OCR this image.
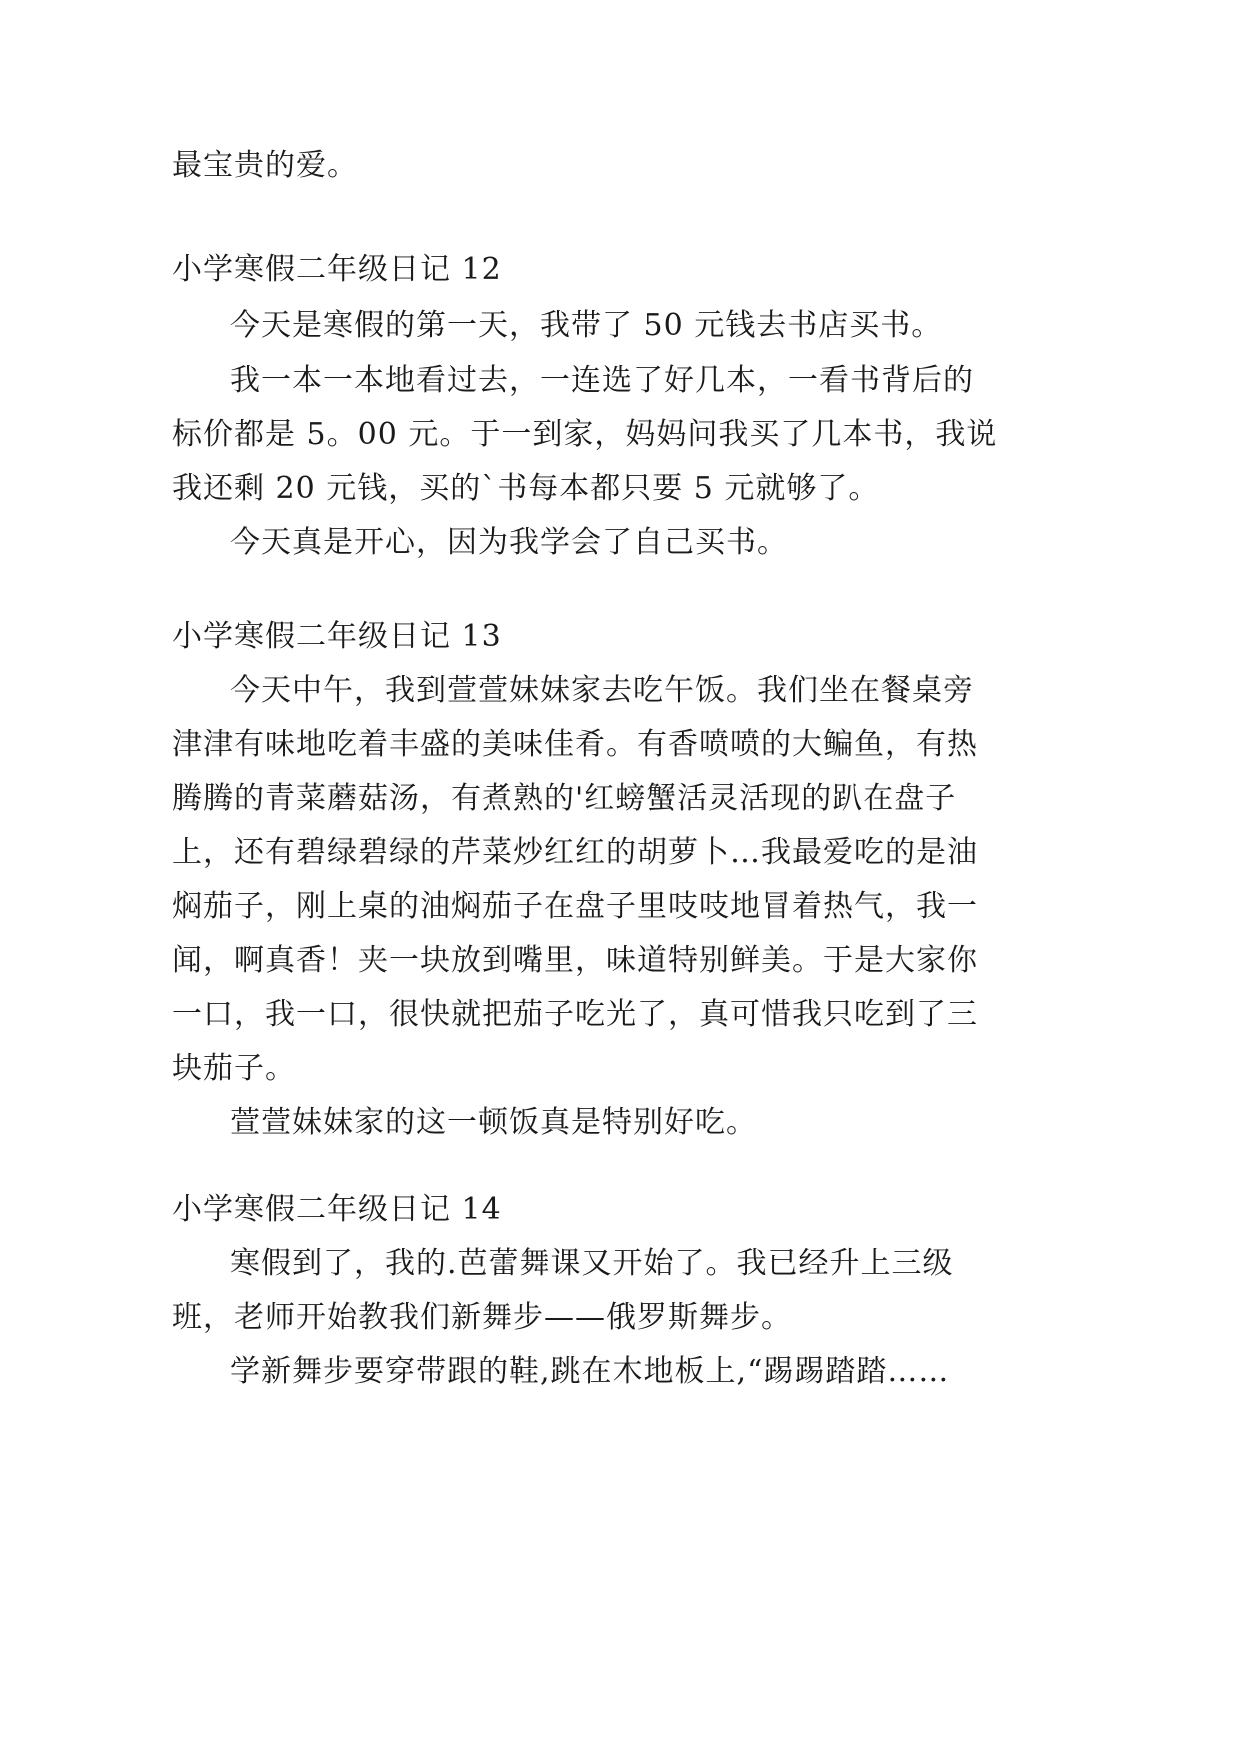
最宝贵的爱。
小学寒假二年级日记 12
今天是寒假的第一天，我带了 50 元钱去书店买书。
我一本一本地看过去，一连选了好几本，一看书背后的
标价都是 5。00 元。于一到家，妈妈问我买了几本书，我说
我还剩 20 元钱，买的`书每本都只要 5 元就够了。
今天真是开心，因为我学会了自己买书。
小学寒假二年级日记 13
今天中午，我到萱萱妹妹家去吃午饭。我们坐在餐桌旁
津津有味地吃着丰盛的美味佳肴。有香喷喷的大鳊鱼，有热
腾腾的青菜蘑菇汤，有煮熟的'红螃蟹活灵活现的趴在盘子
上，还有碧绿碧绿的芹菜炒红红的胡萝卜…我最爱吃的是油
焖茄子，刚上桌的油焖茄子在盘子里吱吱地冒着热气，我一
闻，啊真香！夹一块放到嘴里，味道特别鲜美。于是大家你
一口，我一口，很快就把茄子吃光了，真可惜我只吃到了三
块茄子。
萱萱妹妹家的这一顿饭真是特别好吃。
小学寒假二年级日记 14
寒假到了，我的.芭蕾舞课又开始了。我已经升上三级
班，老师开始教我们新舞步——俄罗斯舞步。
学新舞步要穿带跟的鞋,跳在木地板上,“踢踢踏踏……
